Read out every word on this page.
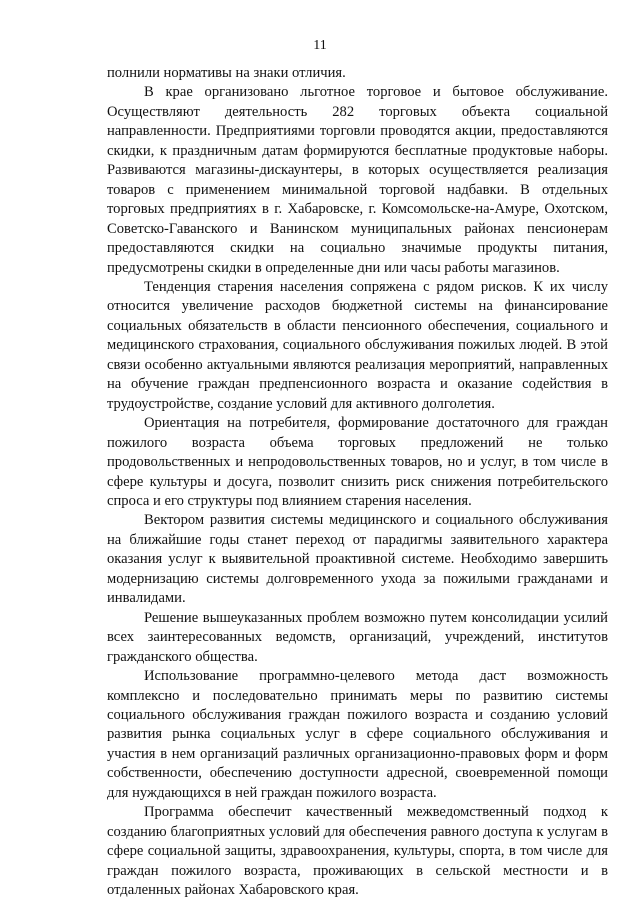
11

полнили нормативы на знаки отличия.

В крае организовано льготное торговое и бытовое обслуживание. Осуществляют деятельность 282 торговых объекта социальной направленности. Предприятиями торговли проводятся акции, предоставляются скидки, к праздничным датам формируются бесплатные продуктовые наборы. Развиваются магазины-дискаунтеры, в которых осуществляется реализация товаров с применением минимальной торговой надбавки. В отдельных торговых предприятиях в г. Хабаровске, г. Комсомольске-на-Амуре, Охотском, Советско-Гаванского и Ванинском муниципальных районах пенсионерам предоставляются скидки на социально значимые продукты питания, предусмотрены скидки в определенные дни или часы работы магазинов.

Тенденция старения населения сопряжена с рядом рисков. К их числу относится увеличение расходов бюджетной системы на финансирование социальных обязательств в области пенсионного обеспечения, социального и медицинского страхования, социального обслуживания пожилых людей. В этой связи особенно актуальными являются реализация мероприятий, направленных на обучение граждан предпенсионного возраста и оказание содействия в трудоустройстве, создание условий для активного долголетия.

Ориентация на потребителя, формирование достаточного для граждан пожилого возраста объема торговых предложений не только продовольственных и непродовольственных товаров, но и услуг, в том числе в сфере культуры и досуга, позволит снизить риск снижения потребительского спроса и его структуры под влиянием старения населения.

Вектором развития системы медицинского и социального обслуживания на ближайшие годы станет переход от парадигмы заявительного характера оказания услуг к выявительной проактивной системе. Необходимо завершить модернизацию системы долговременного ухода за пожилыми гражданами и инвалидами.

Решение вышеуказанных проблем возможно путем консолидации усилий всех заинтересованных ведомств, организаций, учреждений, институтов гражданского общества.

Использование программно-целевого метода даст возможность комплексно и последовательно принимать меры по развитию системы социального обслуживания граждан пожилого возраста и созданию условий развития рынка социальных услуг в сфере социального обслуживания и участия в нем организаций различных организационно-правовых форм и форм собственности, обеспечению доступности адресной, своевременной помощи для нуждающихся в ней граждан пожилого возраста.

Программа обеспечит качественный межведомственный подход к созданию благоприятных условий для обеспечения равного доступа к услугам в сфере социальной защиты, здравоохранения, культуры, спорта, в том числе для граждан пожилого возраста, проживающих в сельской местности и в отдаленных районах Хабаровского края.
